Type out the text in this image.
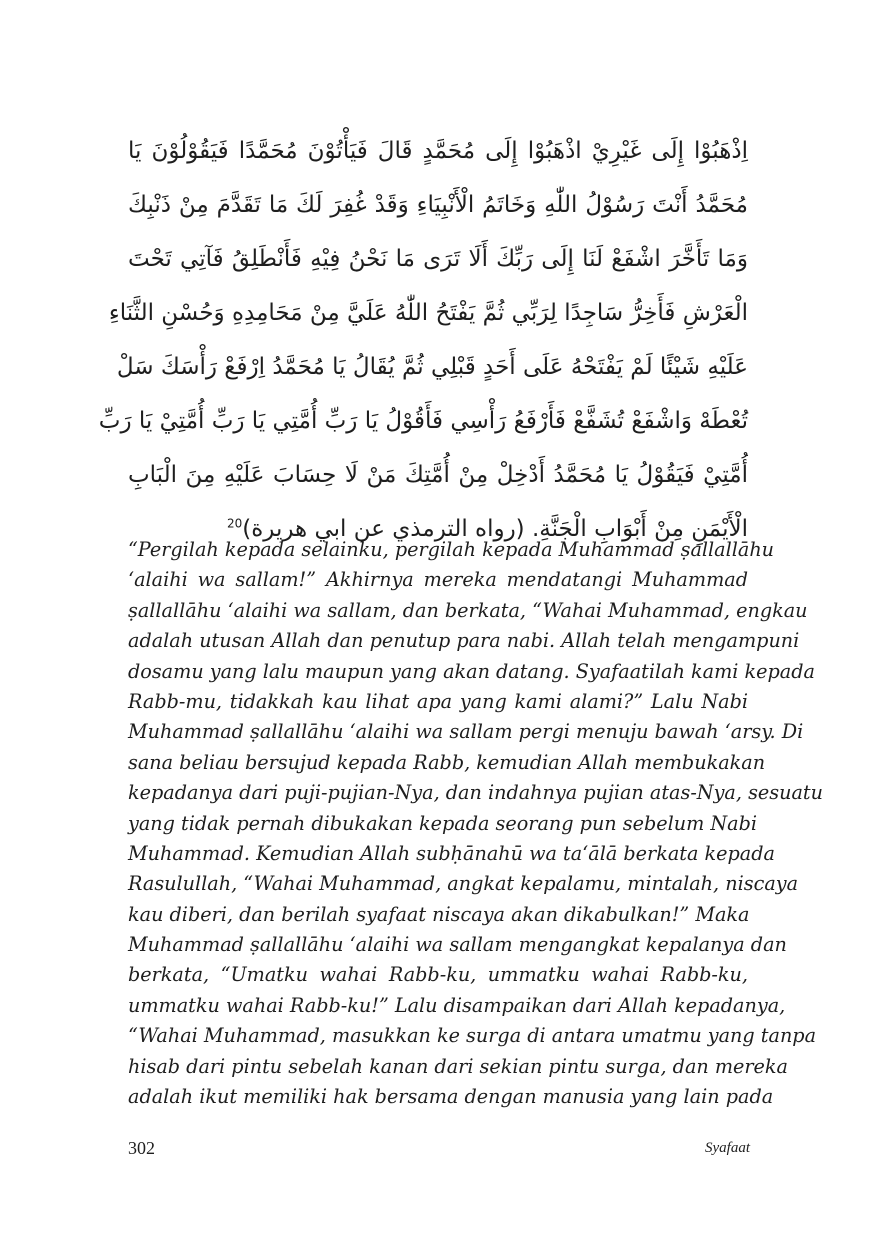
اِذْهَبُوْا إِلَى غَيْرِيْ اذْهَبُوْا إِلَى مُحَمَّدٍ قَالَ فَيَأْتُوْنَ مُحَمَّدًا فَيَقُوْلُوْنَ يَا
مُحَمَّدُ أَنْتَ رَسُوْلُ اللّٰهِ وَخَاتَمُ الْأَنْبِيَاءِ وَقَدْ غُفِرَ لَكَ مَا تَقَدَّمَ مِنْ ذَنْبِكَ
وَمَا تَأَخَّرَ اشْفَعْ لَنَا إِلَى رَبِّكَ أَلَا تَرَى مَا نَحْنُ فِيْهِ فَأَنْطَلِقُ فَآتِي تَحْتَ
الْعَرْشِ فَأَخِرُّ سَاجِدًا لِرَبِّي ثُمَّ يَفْتَحُ اللّٰهُ عَلَيَّ مِنْ مَحَامِدِهِ وَحُسْنِ الثَّنَاءِ
عَلَيْهِ شَيْئًا لَمْ يَفْتَحْهُ عَلَى أَحَدٍ قَبْلِي ثُمَّ يُقَالُ يَا مُحَمَّدُ اِرْفَعْ رَأْسَكَ سَلْ
تُعْطَهْ وَاشْفَعْ تُشَفَّعْ فَأَرْفَعُ رَأْسِي فَأَقُوْلُ يَا رَبِّ أُمَّتِي يَا رَبِّ أُمَّتِيْ يَا رَبِّ
أُمَّتِيْ فَيَقُوْلُ يَا مُحَمَّدُ أَدْخِلْ مِنْ أُمَّتِكَ مَنْ لَا حِسَابَ عَلَيْهِ مِنَ الْبَابِ
الْأَيْمَنِ مِنْ أَبْوَابِ الْجَنَّةِ. (رواه الترمذي عن ابي هريرة)$^{20}$
“Pergilah kepada selainku, pergilah kepada Muhammad ṣallallāhu
‘alaihi wa sallam!” Akhirnya mereka mendatangi Muhammad
ṣallallāhu ‘alaihi wa sallam, dan berkata, “Wahai Muhammad, engkau
adalah utusan Allah dan penutup para nabi. Allah telah mengampuni
dosamu yang lalu maupun yang akan datang. Syafaatilah kami kepada
Rabb-mu, tidakkah kau lihat apa yang kami alami?” Lalu Nabi
Muhammad ṣallallāhu ‘alaihi wa sallam pergi menuju bawah ‘arsy. Di
sana beliau bersujud kepada Rabb, kemudian Allah membukakan
kepadanya dari puji-pujian-Nya, dan indahnya pujian atas-Nya, sesuatu
yang tidak pernah dibukakan kepada seorang pun sebelum Nabi
Muhammad. Kemudian Allah subḥānahū wa ta‘ālā berkata kepada
Rasulullah, “Wahai Muhammad, angkat kepalamu, mintalah, niscaya
kau diberi, dan berilah syafaat niscaya akan dikabulkan!” Maka
Muhammad ṣallallāhu ‘alaihi wa sallam mengangkat kepalanya dan
berkata, “Umatku wahai Rabb-ku, ummatku wahai Rabb-ku,
ummatku wahai Rabb-ku!” Lalu disampaikan dari Allah kepadanya,
“Wahai Muhammad, masukkan ke surga di antara umatmu yang tanpa
hisab dari pintu sebelah kanan dari sekian pintu surga, dan mereka
adalah ikut memiliki hak bersama dengan manusia yang lain pada
302	Syafaat
